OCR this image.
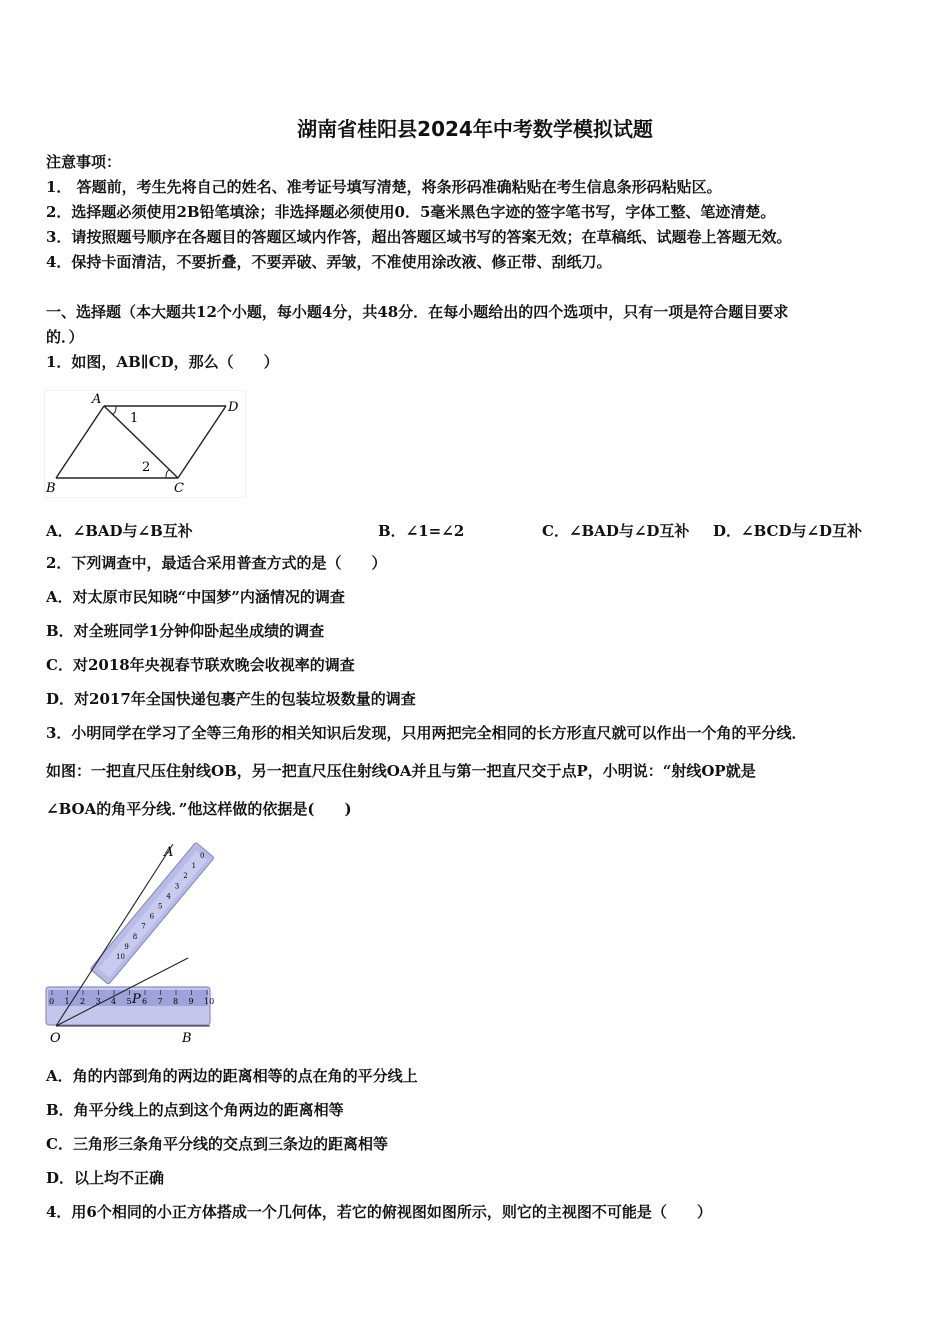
湖南省桂阳县2024年中考数学模拟试题
注意事项：
1． 答题前，考生先将自己的姓名、准考证号填写清楚，将条形码准确粘贴在考生信息条形码粘贴区。
2．选择题必须使用2B铅笔填涂；非选择题必须使用0．5毫米黑色字迹的签字笔书写，字体工整、笔迹清楚。
3．请按照题号顺序在各题目的答题区域内作答，超出答题区域书写的答案无效；在草稿纸、试题卷上答题无效。
4．保持卡面清洁，不要折叠，不要弄破、弄皱，不准使用涂改液、修正带、刮纸刀。
一、选择题（本大题共12个小题，每小题4分，共48分．在每小题给出的四个选项中，只有一项是符合题目要求
的．）
1．如图，AB∥CD，那么（　　）
A
D
B	C
1
2
A．∠BAD与∠B互补	B．∠1=∠2	C．∠BAD与∠D互补 D．∠BCD与∠D互补
2．下列调查中，最适合采用普查方式的是（　　）
A．对太原市民知晓“中国梦”内涵情况的调查
B．对全班同学1分钟仰卧起坐成绩的调查
C．对2018年央视春节联欢晚会收视率的调查
D．对2017年全国快递包裹产生的包装垃圾数量的调查
3．小明同学在学习了全等三角形的相关知识后发现，只用两把完全相同的长方形直尺就可以作出一个角的平分线．
如图：一把直尺压住射线OB，另一把直尺压住射线OA并且与第一把直尺交于点P，小明说：“射线OP就是
∠BOA的角平分线．”他这样做的依据是(　　)
0 1 2 3 4 5 6 7 8 9 10
0
1
2
3
4
5
6
7
8
9
10
A
O	B
P
A．角的内部到角的两边的距离相等的点在角的平分线上
B．角平分线上的点到这个角两边的距离相等
C．三角形三条角平分线的交点到三条边的距离相等
D．以上均不正确
4．用6个相同的小正方体搭成一个几何体，若它的俯视图如图所示，则它的主视图不可能是（　　）
